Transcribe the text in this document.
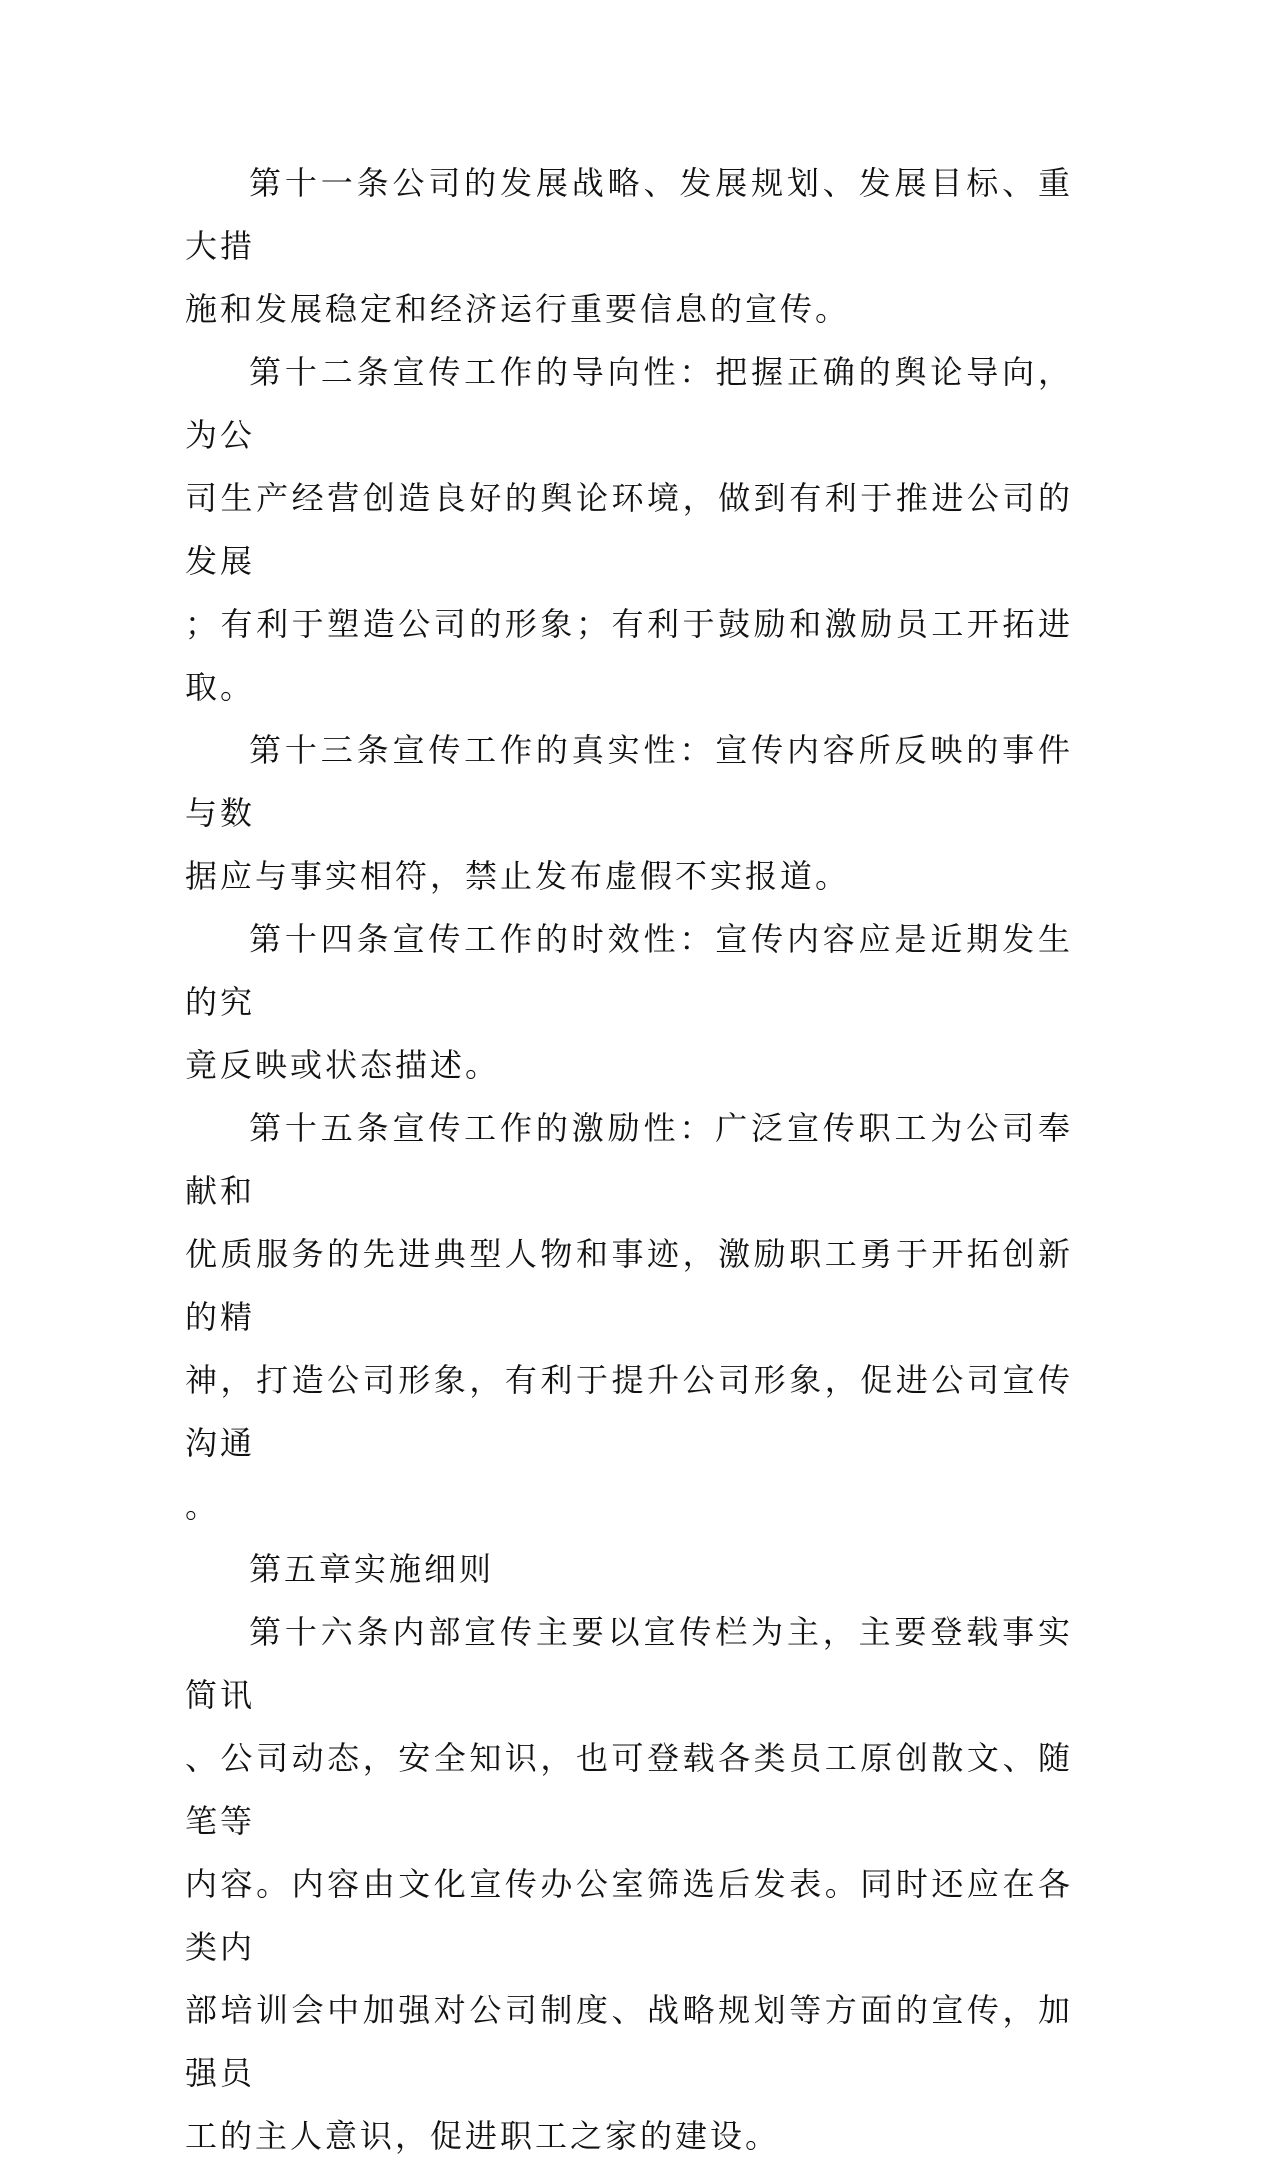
第十一条公司的发展战略、发展规划、发展目标、重大措
施和发展稳定和经济运行重要信息的宣传。

第十二条宣传工作的导向性：把握正确的舆论导向，为公
司生产经营创造良好的舆论环境，做到有利于推进公司的发展
；有利于塑造公司的形象；有利于鼓励和激励员工开拓进取。

第十三条宣传工作的真实性：宣传内容所反映的事件与数
据应与事实相符，禁止发布虚假不实报道。

第十四条宣传工作的时效性：宣传内容应是近期发生的究
竟反映或状态描述。

第十五条宣传工作的激励性：广泛宣传职工为公司奉献和
优质服务的先进典型人物和事迹，激励职工勇于开拓创新的精
神，打造公司形象，有利于提升公司形象，促进公司宣传沟通
。

第五章实施细则

第十六条内部宣传主要以宣传栏为主，主要登载事实简讯
、公司动态，安全知识，也可登载各类员工原创散文、随笔等
内容。内容由文化宣传办公室筛选后发表。同时还应在各类内
部培训会中加强对公司制度、战略规划等方面的宣传，加强员
工的主人意识，促进职工之家的建设。
